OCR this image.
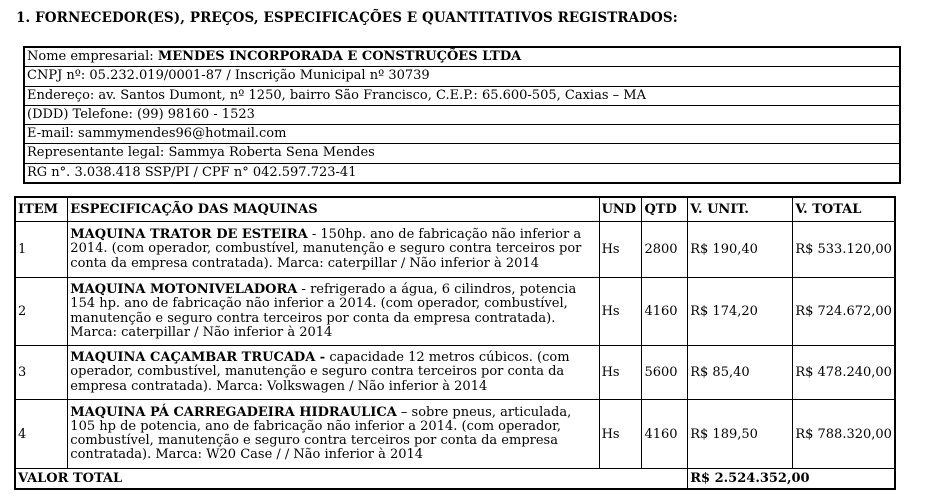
1. FORNECEDOR(ES), PREÇOS, ESPECIFICAÇÕES E QUANTITATIVOS REGISTRADOS:
Nome empresarial: MENDES INCORPORADA E CONSTRUÇÕES LTDA
CNPJ nº: 05.232.019/0001-87 / Inscrição Municipal nº 30739
Endereço: av. Santos Dumont, nº 1250, bairro São Francisco, C.E.P.: 65.600-505, Caxias – MA
(DDD) Telefone: (99) 98160 - 1523
E-mail: sammymendes96@hotmail.com
Representante legal: Sammya Roberta Sena Mendes
RG n°. 3.038.418 SSP/PI / CPF n° 042.597.723-41
ITEM	ESPECIFICAÇÃO DAS MAQUINAS	UND	QTD	V. UNIT.	V. TOTAL
1	MAQUINA TRATOR DE ESTEIRA - 150hp. ano de fabricação não inferior a 2014. (com operador, combustível, manutenção e seguro contra terceiros por conta da empresa contratada). Marca: caterpillar / Não inferior à 2014	Hs	2800	R$ 190,40	R$ 533.120,00
2	MAQUINA MOTONIVELADORA - refrigerado a água, 6 cilindros, potencia 154 hp. ano de fabricação não inferior a 2014. (com operador, combustível, manutenção e seguro contra terceiros por conta da empresa contratada). Marca: caterpillar / Não inferior à 2014	Hs	4160	R$ 174,20	R$ 724.672,00
3	MAQUINA CAÇAMBAR TRUCADA - capacidade 12 metros cúbicos. (com operador, combustível, manutenção e seguro contra terceiros por conta da empresa contratada). Marca: Volkswagen / Não inferior à 2014	Hs	5600	R$ 85,40	R$ 478.240,00
4	MAQUINA PÁ CARREGADEIRA HIDRAULICA – sobre pneus, articulada, 105 hp de potencia, ano de fabricação não inferior a 2014. (com operador, combustível, manutenção e seguro contra terceiros por conta da empresa contratada). Marca: W20 Case / / Não inferior à 2014	Hs	4160	R$ 189,50	R$ 788.320,00
VALOR TOTAL				R$ 2.524.352,00	
